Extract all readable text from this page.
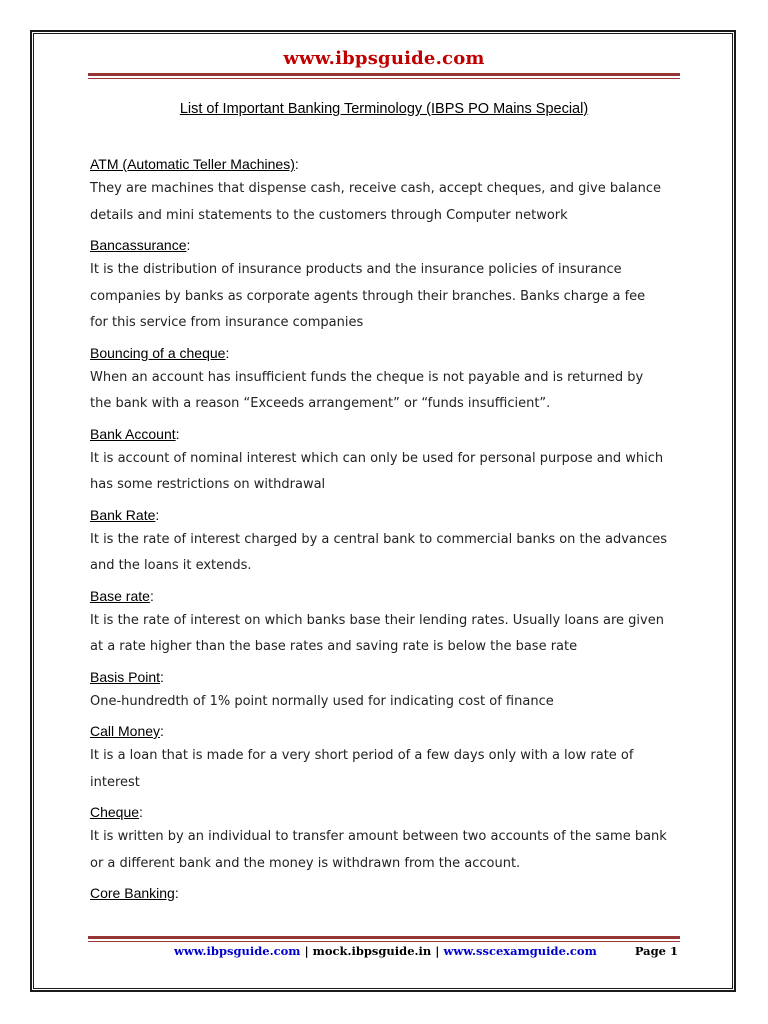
www.ibpsguide.com
List of Important Banking Terminology (IBPS PO Mains Special)
ATM (Automatic Teller Machines):
They are machines that dispense cash, receive cash, accept cheques, and give balance
details and mini statements to the customers through Computer network
Bancassurance:
It is the distribution of insurance products and the insurance policies of insurance
companies by banks as corporate agents through their branches. Banks charge a fee
for this service from insurance companies
Bouncing of a cheque:
When an account has insufficient funds the cheque is not payable and is returned by
the bank with a reason “Exceeds arrangement” or “funds insufficient”.
Bank Account:
It is account of nominal interest which can only be used for personal purpose and which
has some restrictions on withdrawal
Bank Rate:
It is the rate of interest charged by a central bank to commercial banks on the advances
and the loans it extends.
Base rate:
It is the rate of interest on which banks base their lending rates. Usually loans are given
at a rate higher than the base rates and saving rate is below the base rate
Basis Point:
One-hundredth of 1% point normally used for indicating cost of finance
Call Money:
It is a loan that is made for a very short period of a few days only with a low rate of
interest
Cheque:
It is written by an individual to transfer amount between two accounts of the same bank
or a different bank and the money is withdrawn from the account.
Core Banking:
www.ibpsguide.com | mock.ibpsguide.in | www.sscexamguide.com	Page 1
